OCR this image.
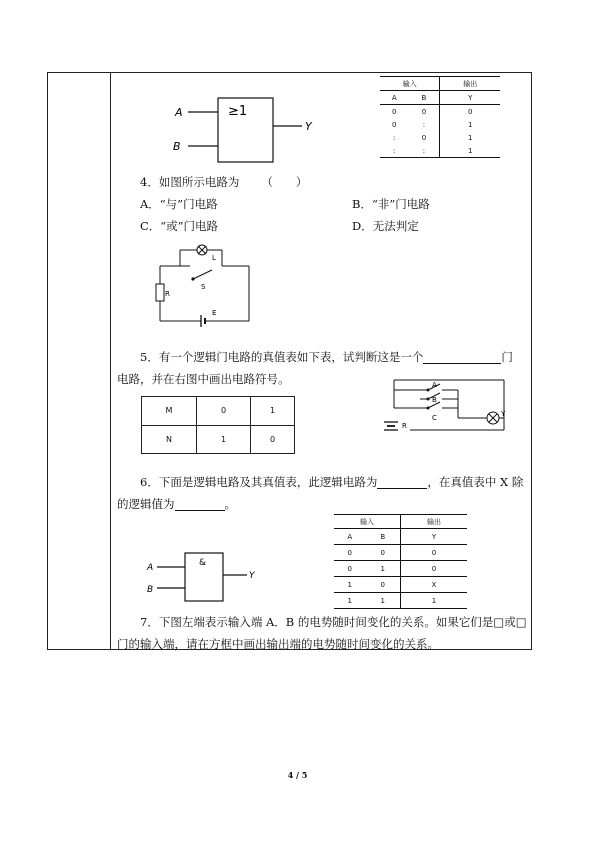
≥1
A
B
Y
输入		输出
A	B	Y
0	0	0
0	:	1
:	0	1
:	:	1
4．如图所示电路为 （　　）
A．“与”门电路	B．“非”门电路
C．“或”门电路	D．无法判定
L
S
R
E
5．有一个逻辑门电路的真值表如下表，试判断这是一个	门
电路，并在右图中画出电路符号。
M	0	1
N	1	0
A
B
C	Y
R
6．下面是逻辑电路及其真值表，此逻辑电路为	，在真值表中 X 除
的逻辑值为	。
输入		输出
A	B	Y
0	0	0
0	1	0
1	0	X
1	1	1
&
A
B
Y
7．下图左端表示输入端 A．B 的电势随时间变化的关系。如果它们是□或□
门的输入端，请在方框中画出输出端的电势随时间变化的关系。
4 / 5
